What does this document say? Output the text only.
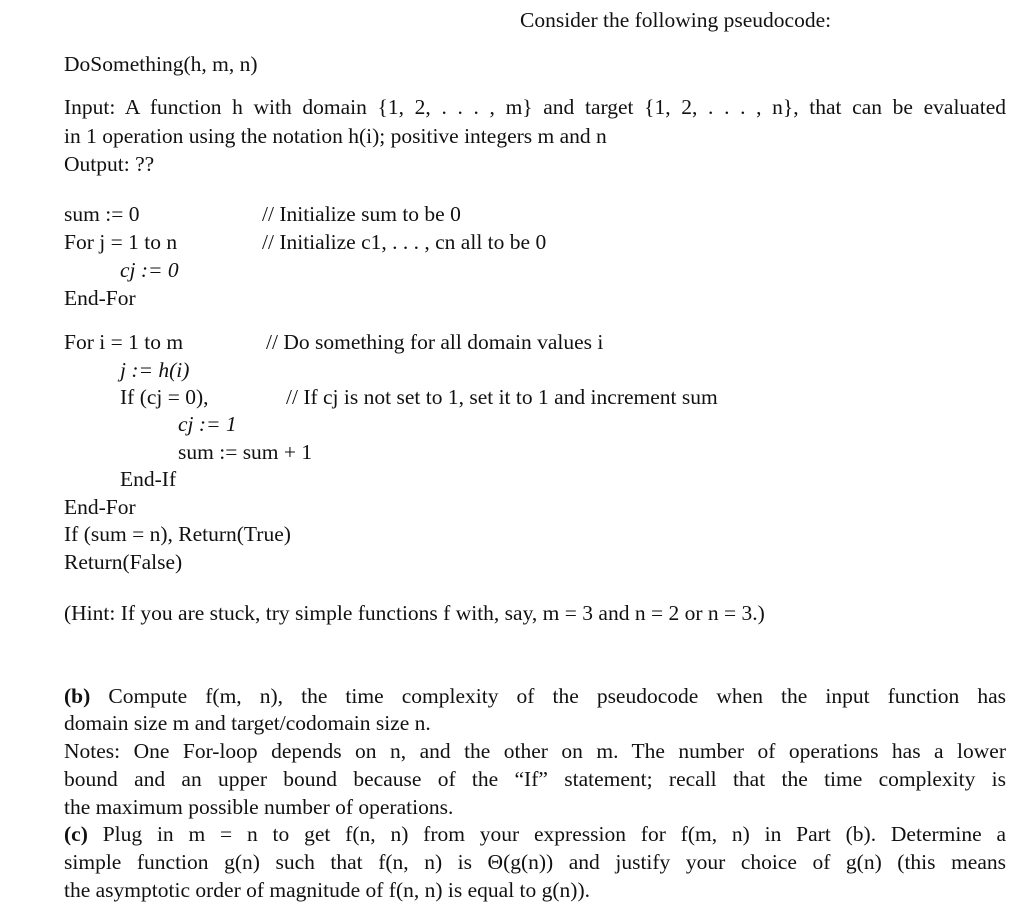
Consider the following pseudocode:
DoSomething(h, m, n)
Input: A function h with domain {1, 2, . . . , m} and target {1, 2, . . . , n}, that can be evaluated
in 1 operation using the notation h(i); positive integers m and n
Output: ??
sum := 0	// Initialize sum to be 0
For j = 1 to n	// Initialize c1, . . . , cn all to be 0
cj := 0
End-For
For i = 1 to m	// Do something for all domain values i
j := h(i)
If (cj = 0),	// If cj is not set to 1, set it to 1 and increment sum
cj := 1
sum := sum + 1
End-If
End-For
If (sum = n), Return(True)
Return(False)
(Hint: If you are stuck, try simple functions f with, say, m = 3 and n = 2 or n = 3.)
(b) Compute f(m, n), the time complexity of the pseudocode when the input function has
domain size m and target/codomain size n.
Notes: One For-loop depends on n, and the other on m. The number of operations has a lower
bound and an upper bound because of the “If” statement; recall that the time complexity is
the maximum possible number of operations.
(c) Plug in m = n to get f(n, n) from your expression for f(m, n) in Part (b). Determine a
simple function g(n) such that f(n, n) is Θ(g(n)) and justify your choice of g(n) (this means
the asymptotic order of magnitude of f(n, n) is equal to g(n)).
